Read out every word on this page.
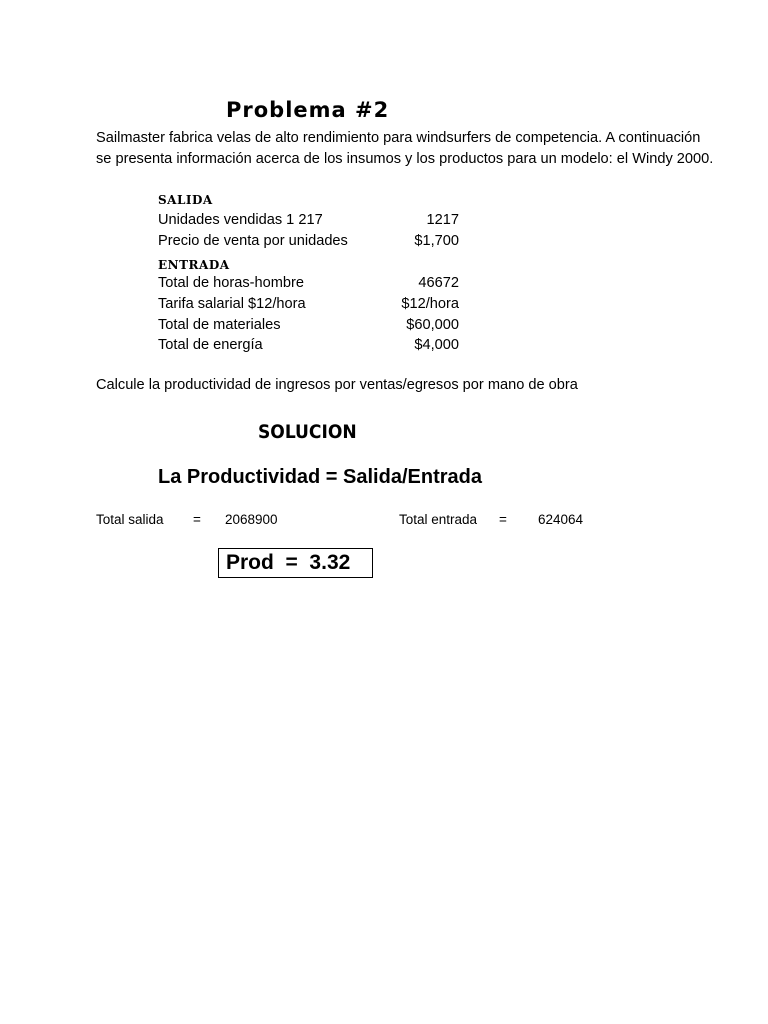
Problema #2
Sailmaster fabrica velas de alto rendimiento para windsurfers de competencia. A continuación
se presenta información acerca de los insumos y los productos para un modelo: el Windy 2000.
SALIDA
Unidades vendidas 1 217	1217
Precio de venta por unidades	$1,700
ENTRADA
Total de horas-hombre	46672
Tarifa salarial $12/hora	$12/hora
Total de materiales	$60,000
Total de energía	$4,000
Calcule la productividad de ingresos por ventas/egresos por mano de obra
SOLUCION
La Productividad = Salida/Entrada
Total salida = 2068900	Total entrada = 624064
Prod  =  3.32
